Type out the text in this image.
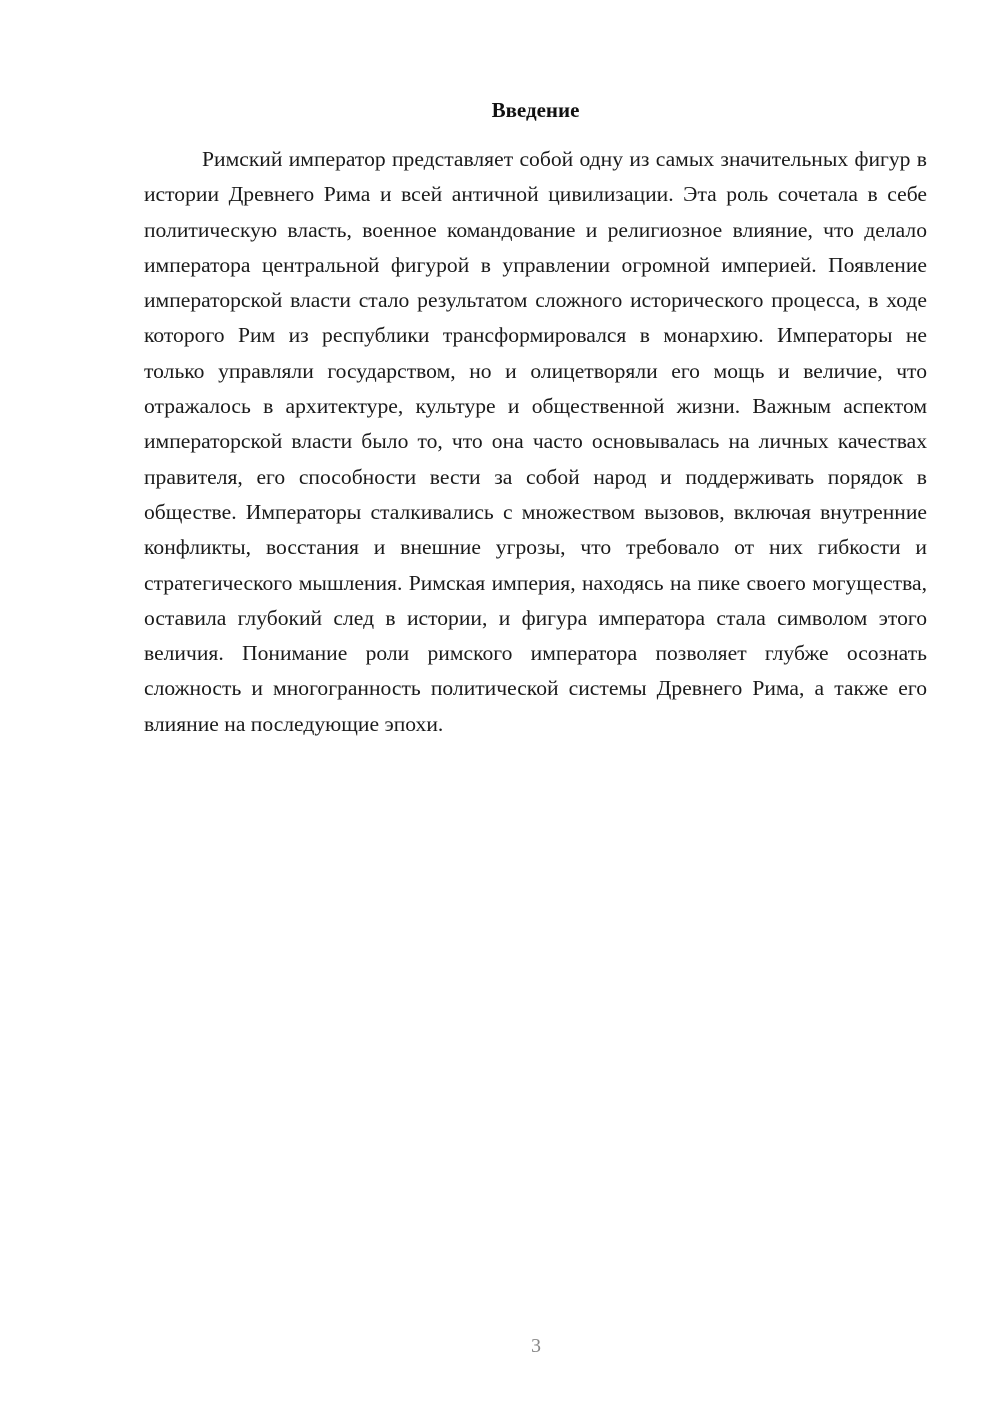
Введение

Римский император представляет собой одну из самых значительных фигур в истории Древнего Рима и всей античной цивилизации. Эта роль сочетала в себе политическую власть, военное командование и религиозное влияние, что делало императора центральной фигурой в управлении огромной империей. Появление императорской власти стало результатом сложного исторического процесса, в ходе которого Рим из республики трансформировался в монархию. Императоры не только управляли государством, но и олицетворяли его мощь и величие, что отражалось в архитектуре, культуре и общественной жизни. Важным аспектом императорской власти было то, что она часто основывалась на личных качествах правителя, его способности вести за собой народ и поддерживать порядок в обществе. Императоры сталкивались с множеством вызовов, включая внутренние конфликты, восстания и внешние угрозы, что требовало от них гибкости и стратегического мышления. Римская империя, находясь на пике своего могущества, оставила глубокий след в истории, и фигура императора стала символом этого величия. Понимание роли римского императора позволяет глубже осознать сложность и многогранность политической системы Древнего Рима, а также его влияние на последующие эпохи.

3
